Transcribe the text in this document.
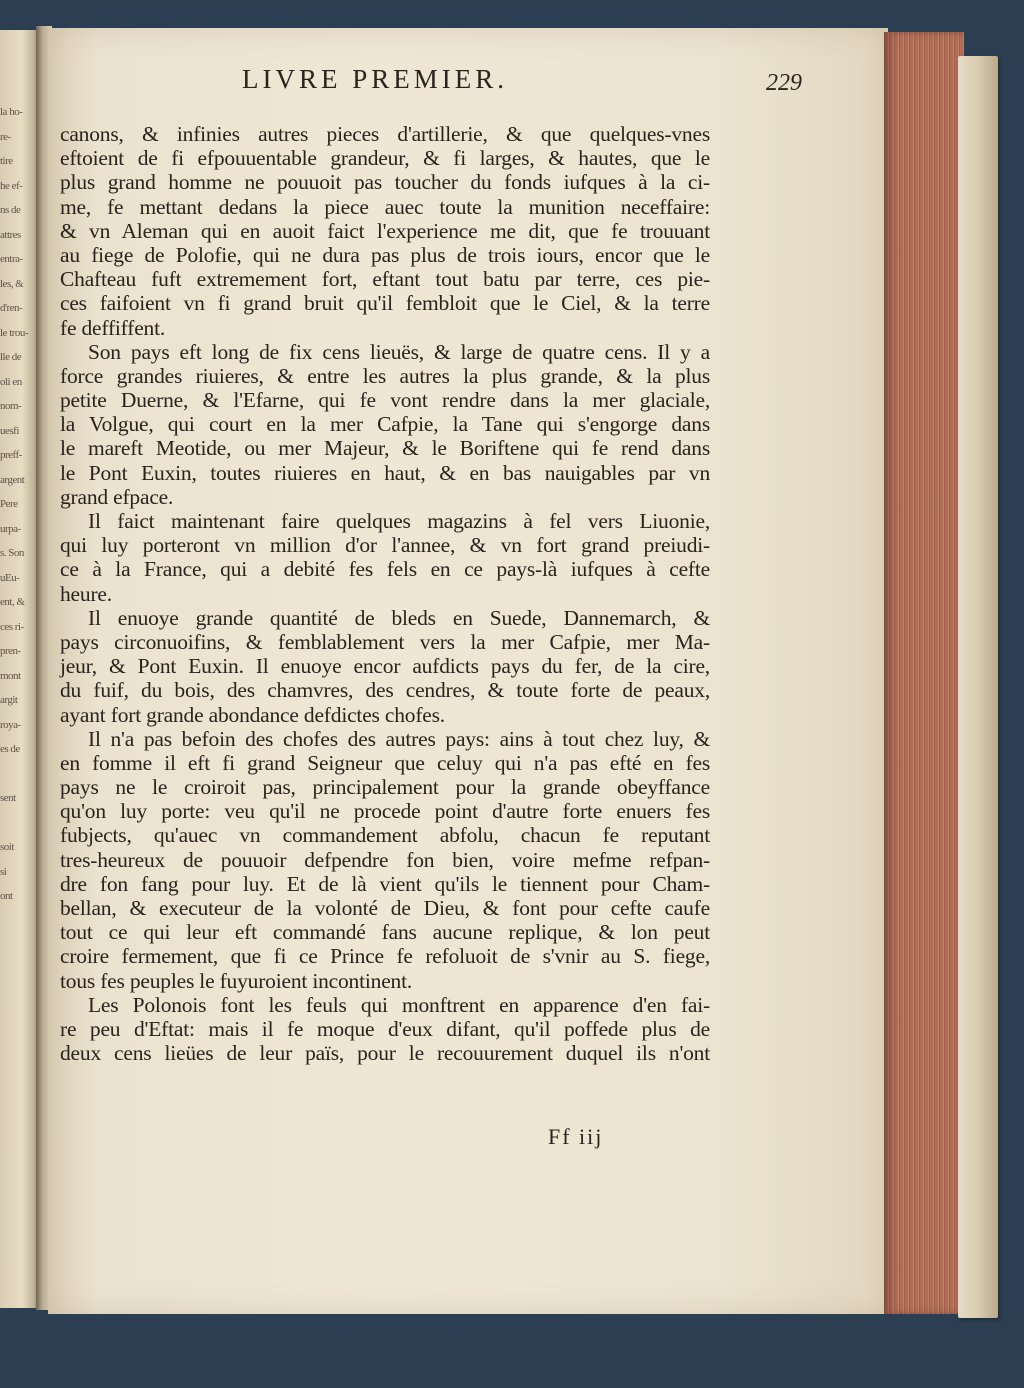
la ho-
re-
tire
he ef-
ns de
attres
entra-
les, &
d'ren-
le trou-
lle de
oli en
nom-
uesfi
preff-
argent
Pere
urpa-
s. Son
uEu-
ent, &
ces ri-
pren-
mont
argit
roya-
es de

sent

soit
si
ont
LIVRE PREMIER.	229
canons, & infinies autres pieces d'artillerie, & que quelques-vnes
eftoient de fi efpouuentable grandeur, & fi larges, & hautes, que le
plus grand homme ne pouuoit pas toucher du fonds iufques à la ci-
me, fe mettant dedans la piece auec toute la munition neceffaire:
& vn Aleman qui en auoit faict l'experience me dit, que fe trouuant
au fiege de Polofie, qui ne dura pas plus de trois iours, encor que le
Chafteau fuft extremement fort, eftant tout batu par terre, ces pie-
ces faifoient vn fi grand bruit qu'il fembloit que le Ciel, & la terre
fe deffiffent.
Son pays eft long de fix cens lieuës, & large de quatre cens. Il y a
force grandes riuieres, & entre les autres la plus grande, & la plus
petite Duerne, & l'Efarne, qui fe vont rendre dans la mer glaciale,
la Volgue, qui court en la mer Cafpie, la Tane qui s'engorge dans
le mareft Meotide, ou mer Majeur, & le Boriftene qui fe rend dans
le Pont Euxin, toutes riuieres en haut, & en bas nauigables par vn
grand efpace.
Il faict maintenant faire quelques magazins à fel vers Liuonie,
qui luy porteront vn million d'or l'annee, & vn fort grand preiudi-
ce à la France, qui a debité fes fels en ce pays-là iufques à cefte
heure.
Il enuoye grande quantité de bleds en Suede, Dannemarch, &
pays circonuoifins, & femblablement vers la mer Cafpie, mer Ma-
jeur, & Pont Euxin. Il enuoye encor aufdicts pays du fer, de la cire,
du fuif, du bois, des chamvres, des cendres, & toute forte de peaux,
ayant fort grande abondance defdictes chofes.
Il n'a pas befoin des chofes des autres pays: ains à tout chez luy, &
en fomme il eft fi grand Seigneur que celuy qui n'a pas efté en fes
pays ne le croiroit pas, principalement pour la grande obeyffance
qu'on luy porte: veu qu'il ne procede point d'autre forte enuers fes
fubjects, qu'auec vn commandement abfolu, chacun fe reputant
tres-heureux de pouuoir defpendre fon bien, voire mefme refpan-
dre fon fang pour luy. Et de là vient qu'ils le tiennent pour Cham-
bellan, & executeur de la volonté de Dieu, & font pour cefte caufe
tout ce qui leur eft commandé fans aucune replique, & lon peut
croire fermement, que fi ce Prince fe refoluoit de s'vnir au S. fiege,
tous fes peuples le fuyuroient incontinent.
Les Polonois font les feuls qui monftrent en apparence d'en fai-
re peu d'Eftat: mais il fe moque d'eux difant, qu'il poffede plus de
deux cens lieües de leur païs, pour le recouurement duquel ils n'ont
Ff iij
